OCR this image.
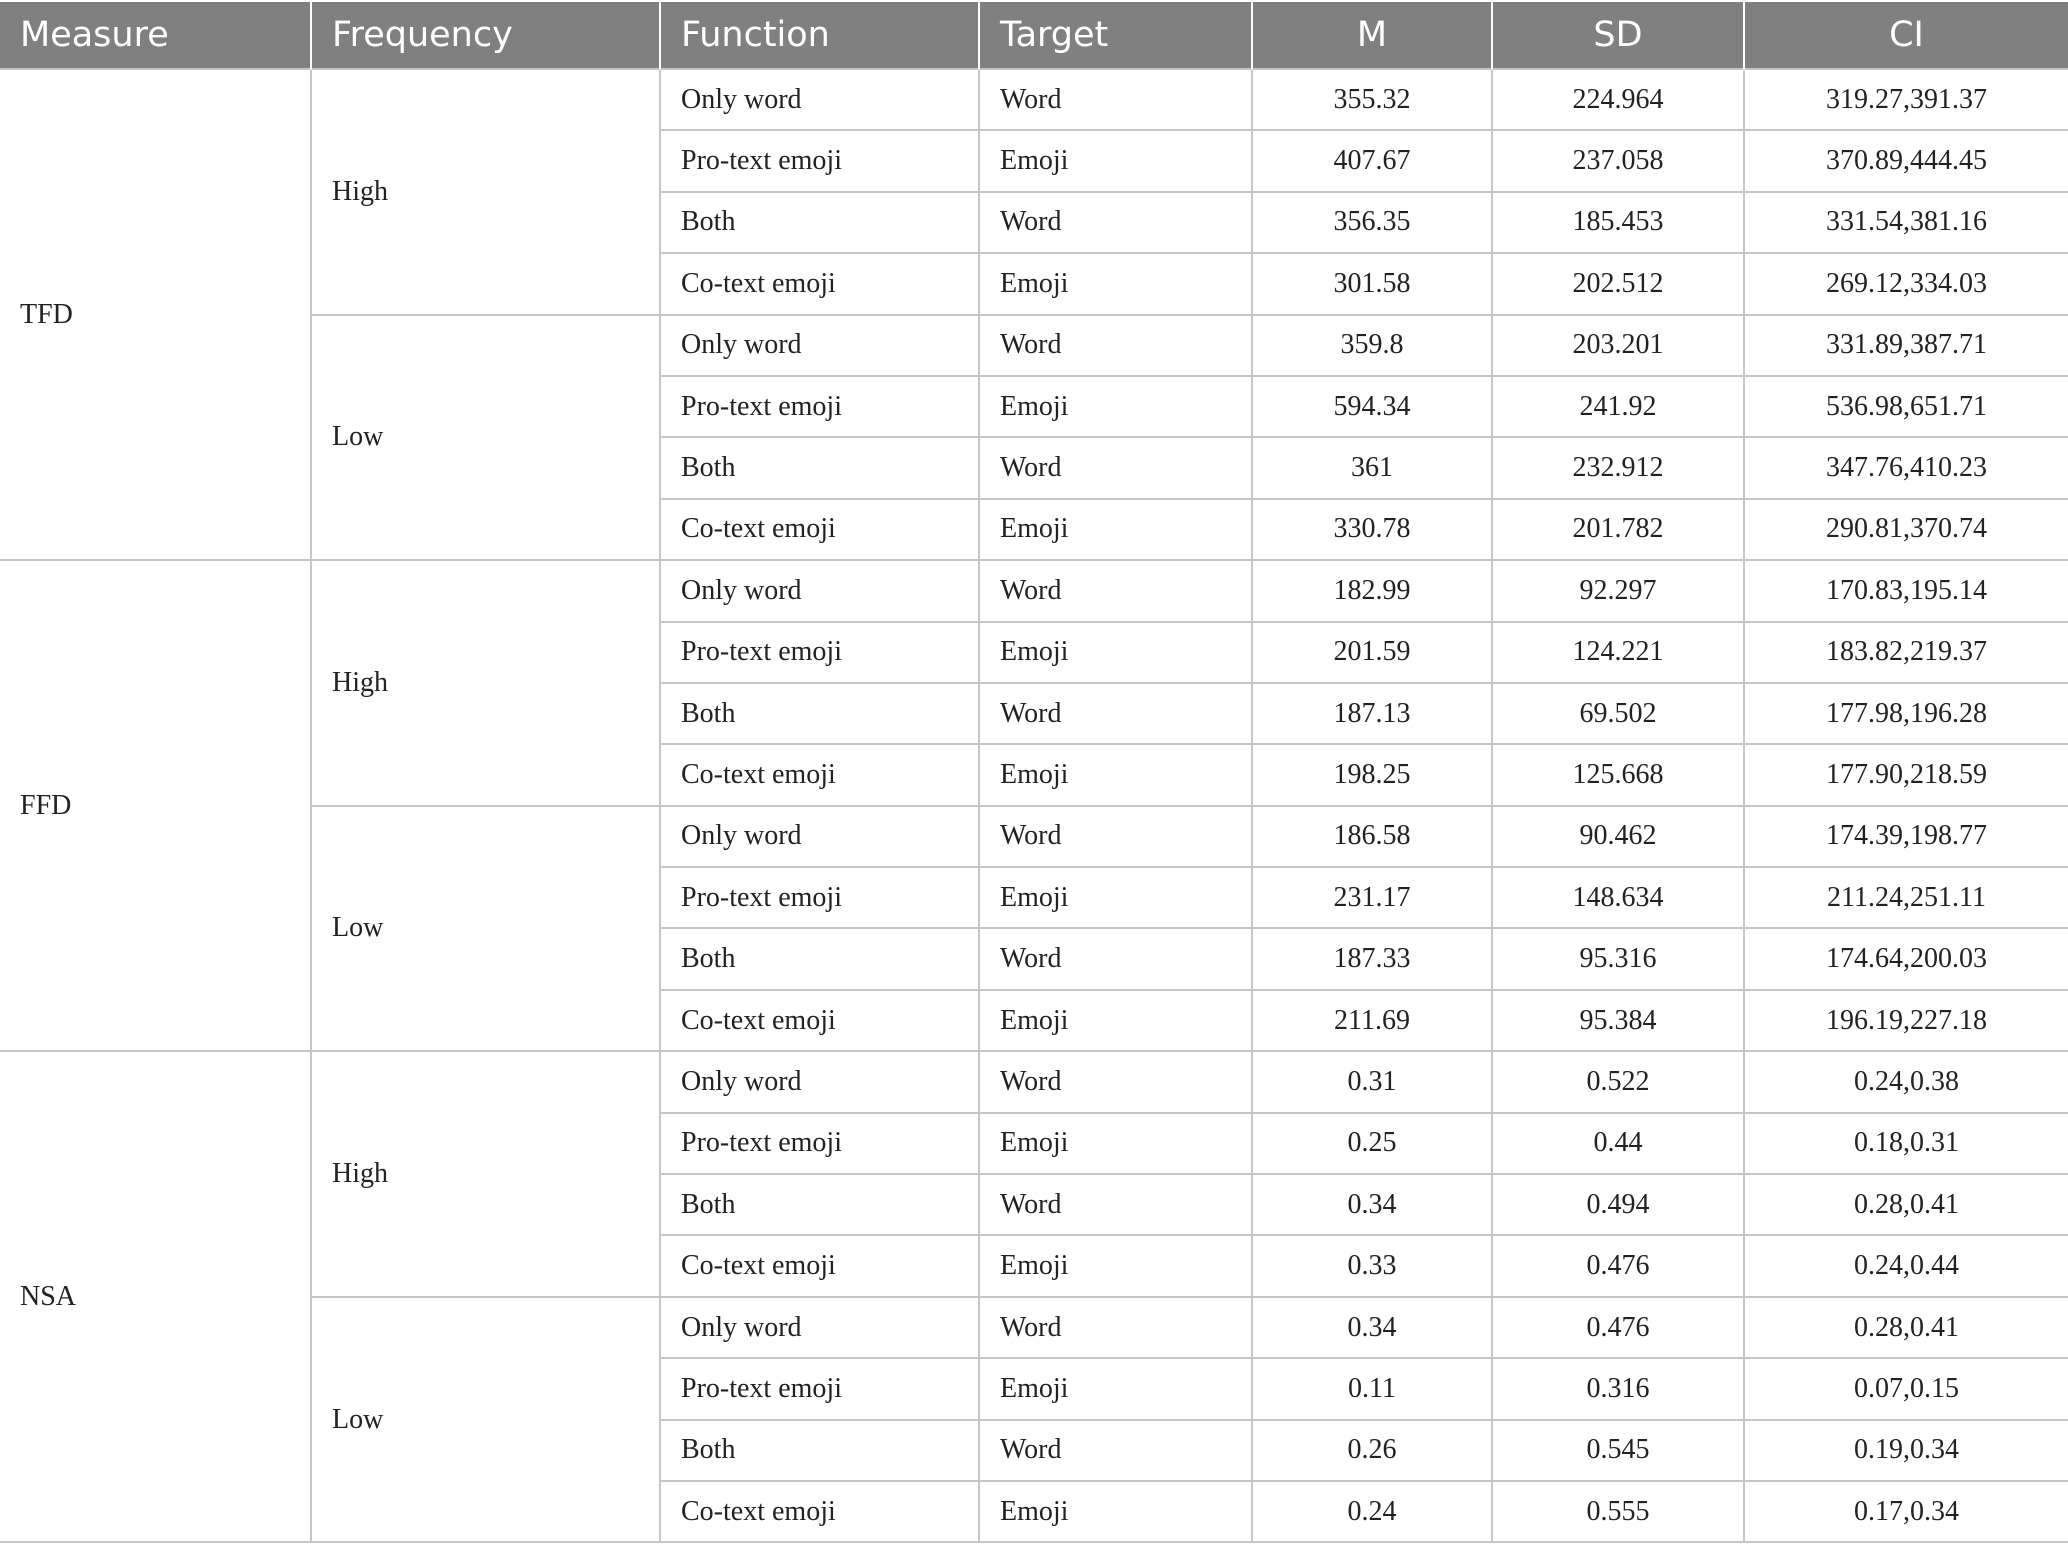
Measure	Frequency	Function	Target	M	SD	CI
TFD	High	Only word	Word	355.32	224.964	319.27,391.37
		Pro-text emoji	Emoji	407.67	237.058	370.89,444.45
		Both	Word	356.35	185.453	331.54,381.16
		Co-text emoji	Emoji	301.58	202.512	269.12,334.03
	Low	Only word	Word	359.8	203.201	331.89,387.71
		Pro-text emoji	Emoji	594.34	241.92	536.98,651.71
		Both	Word	361	232.912	347.76,410.23
		Co-text emoji	Emoji	330.78	201.782	290.81,370.74
FFD	High	Only word	Word	182.99	92.297	170.83,195.14
		Pro-text emoji	Emoji	201.59	124.221	183.82,219.37
		Both	Word	187.13	69.502	177.98,196.28
		Co-text emoji	Emoji	198.25	125.668	177.90,218.59
	Low	Only word	Word	186.58	90.462	174.39,198.77
		Pro-text emoji	Emoji	231.17	148.634	211.24,251.11
		Both	Word	187.33	95.316	174.64,200.03
		Co-text emoji	Emoji	211.69	95.384	196.19,227.18
NSA	High	Only word	Word	0.31	0.522	0.24,0.38
		Pro-text emoji	Emoji	0.25	0.44	0.18,0.31
		Both	Word	0.34	0.494	0.28,0.41
		Co-text emoji	Emoji	0.33	0.476	0.24,0.44
	Low	Only word	Word	0.34	0.476	0.28,0.41
		Pro-text emoji	Emoji	0.11	0.316	0.07,0.15
		Both	Word	0.26	0.545	0.19,0.34
		Co-text emoji	Emoji	0.24	0.555	0.17,0.34
